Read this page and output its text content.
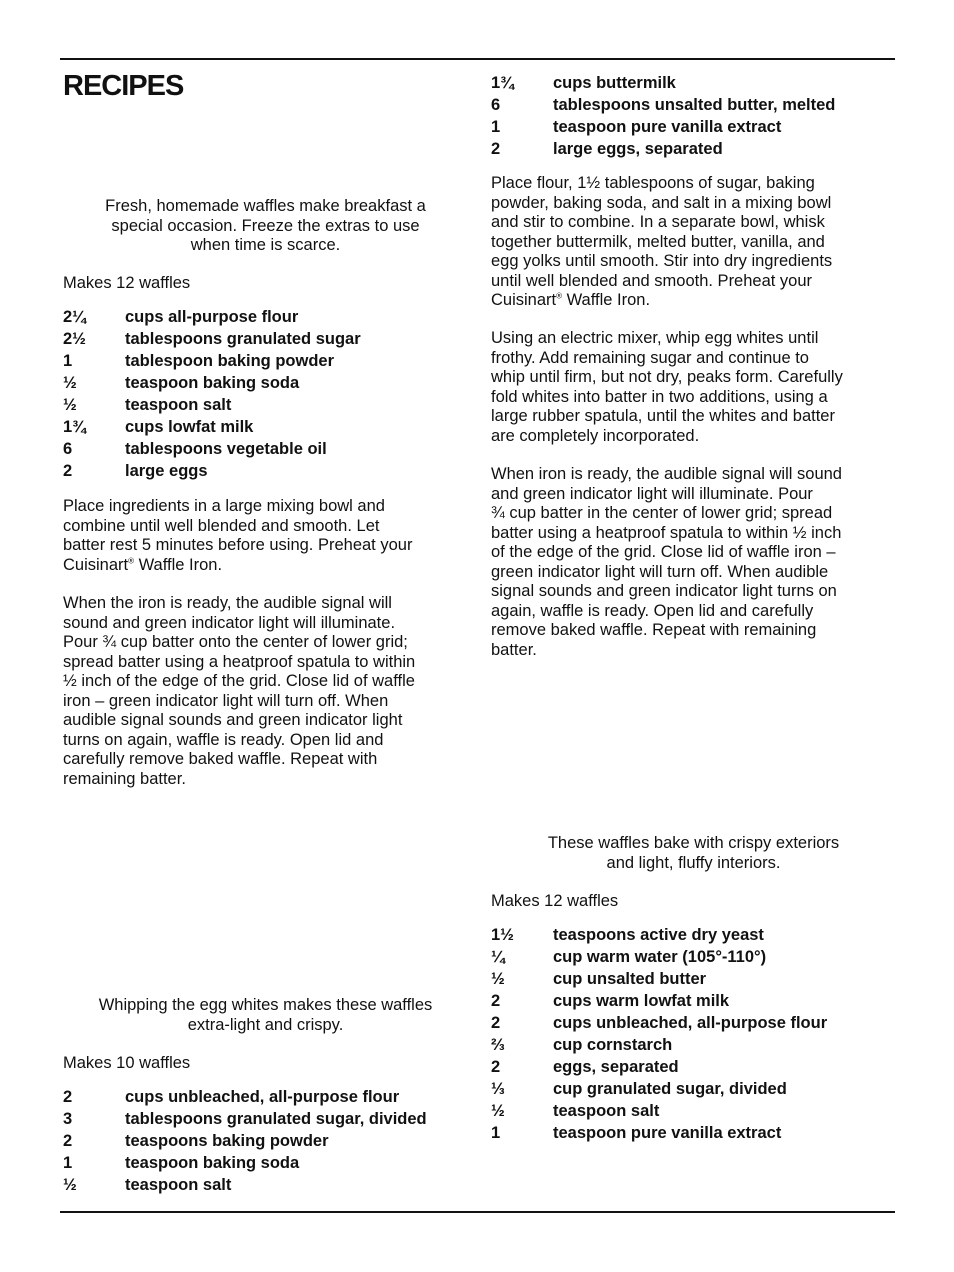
RECIPES

Fresh, homemade waffles make breakfast a
special occasion. Freeze the extras to use
when time is scarce.

Makes 12 waffles

2¼	cups all-purpose flour
2½	tablespoons granulated sugar
1	tablespoon baking powder
½	teaspoon baking soda
½	teaspoon salt
1¾	cups lowfat milk
6	tablespoons vegetable oil
2	large eggs

Place ingredients in a large mixing bowl and
combine until well blended and smooth. Let
batter rest 5 minutes before using. Preheat your
Cuisinart® Waffle Iron.

When the iron is ready, the audible signal will
sound and green indicator light will illuminate.
Pour ¾ cup batter onto the center of lower grid;
spread batter using a heatproof spatula to within
½ inch of the edge of the grid. Close lid of waffle
iron – green indicator light will turn off. When
audible signal sounds and green indicator light
turns on again, waffle is ready. Open lid and
carefully remove baked waffle. Repeat with
remaining batter.

Whipping the egg whites makes these waffles
extra-light and crispy.

Makes 10 waffles

2	cups unbleached, all-purpose flour
3	tablespoons granulated sugar, divided
2	teaspoons baking powder
1	teaspoon baking soda
½	teaspoon salt
1¾	cups buttermilk
6	tablespoons unsalted butter, melted
1	teaspoon pure vanilla extract
2	large eggs, separated

Place flour, 1½ tablespoons of sugar, baking
powder, baking soda, and salt in a mixing bowl
and stir to combine. In a separate bowl, whisk
together buttermilk, melted butter, vanilla, and
egg yolks until smooth. Stir into dry ingredients
until well blended and smooth. Preheat your
Cuisinart® Waffle Iron.

Using an electric mixer, whip egg whites until
frothy. Add remaining sugar and continue to
whip until firm, but not dry, peaks form. Carefully
fold whites into batter in two additions, using a
large rubber spatula, until the whites and batter
are completely incorporated.

When iron is ready, the audible signal will sound
and green indicator light will illuminate. Pour
¾ cup batter in the center of lower grid; spread
batter using a heatproof spatula to within ½ inch
of the edge of the grid. Close lid of waffle iron –
green indicator light will turn off. When audible
signal sounds and green indicator light turns on
again, waffle is ready. Open lid and carefully
remove baked waffle. Repeat with remaining
batter.

These waffles bake with crispy exteriors
and light, fluffy interiors.

Makes 12 waffles

1½	teaspoons active dry yeast
¼	cup warm water (105°-110°)
½	cup unsalted butter
2	cups warm lowfat milk
2	cups unbleached, all-purpose flour
⅔	cup cornstarch
2	eggs, separated
⅓	cup granulated sugar, divided
½	teaspoon salt
1	teaspoon pure vanilla extract
